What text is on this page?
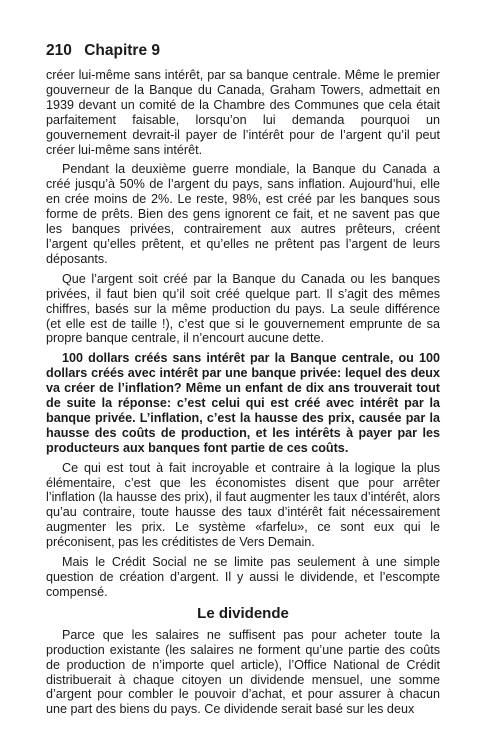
210 Chapitre 9

créer lui-même sans intérêt, par sa banque centrale. Même le premier gouverneur de la Banque du Canada, Graham Towers, admettait en 1939 devant un comité de la Chambre des Communes que cela était parfaitement faisable, lorsqu’on lui demanda pourquoi un gouvernement devrait-il payer de l’intérêt pour de l’argent qu’il peut créer lui-même sans intérêt.

Pendant la deuxième guerre mondiale, la Banque du Canada a créé jusqu’à 50% de l’argent du pays, sans inflation. Aujourd’hui, elle en crée moins de 2%. Le reste, 98%, est créé par les banques sous forme de prêts. Bien des gens ignorent ce fait, et ne savent pas que les banques privées, contrairement aux autres prêteurs, créent l’argent qu’elles prêtent, et qu’elles ne prêtent pas l’argent de leurs déposants.

Que l’argent soit créé par la Banque du Canada ou les banques privées, il faut bien qu’il soit créé quelque part. Il s’agit des mêmes chiffres, basés sur la même production du pays. La seule différence (et elle est de taille !), c’est que si le gouvernement emprunte de sa propre banque centrale, il n’encourt aucune dette.

100 dollars créés sans intérêt par la Banque centrale, ou 100 dollars créés avec intérêt par une banque privée: lequel des deux va créer de l’inflation? Même un enfant de dix ans trouverait tout de suite la réponse: c’est celui qui est créé avec intérêt par la banque privée. L’inflation, c’est la hausse des prix, causée par la hausse des coûts de production, et les intérêts à payer par les producteurs aux banques font partie de ces coûts.

Ce qui est tout à fait incroyable et contraire à la logique la plus élémentaire, c’est que les économistes disent que pour arrêter l’inflation (la hausse des prix), il faut augmenter les taux d’intérêt, alors qu’au contraire, toute hausse des taux d’intérêt fait nécessairement augmenter les prix. Le système «farfelu», ce sont eux qui le préconisent, pas les créditistes de Vers Demain.

Mais le Crédit Social ne se limite pas seulement à une simple question de création d’argent. Il y aussi le dividende, et l’escompte compensé.

Le dividende

Parce que les salaires ne suffisent pas pour acheter toute la production existante (les salaires ne forment qu’une partie des coûts de production de n’importe quel article), l’Office National de Crédit distribuerait à chaque citoyen un dividende mensuel, une somme d’argent pour combler le pouvoir d’achat, et pour assurer à chacun une part des biens du pays. Ce dividende serait basé sur les deux
